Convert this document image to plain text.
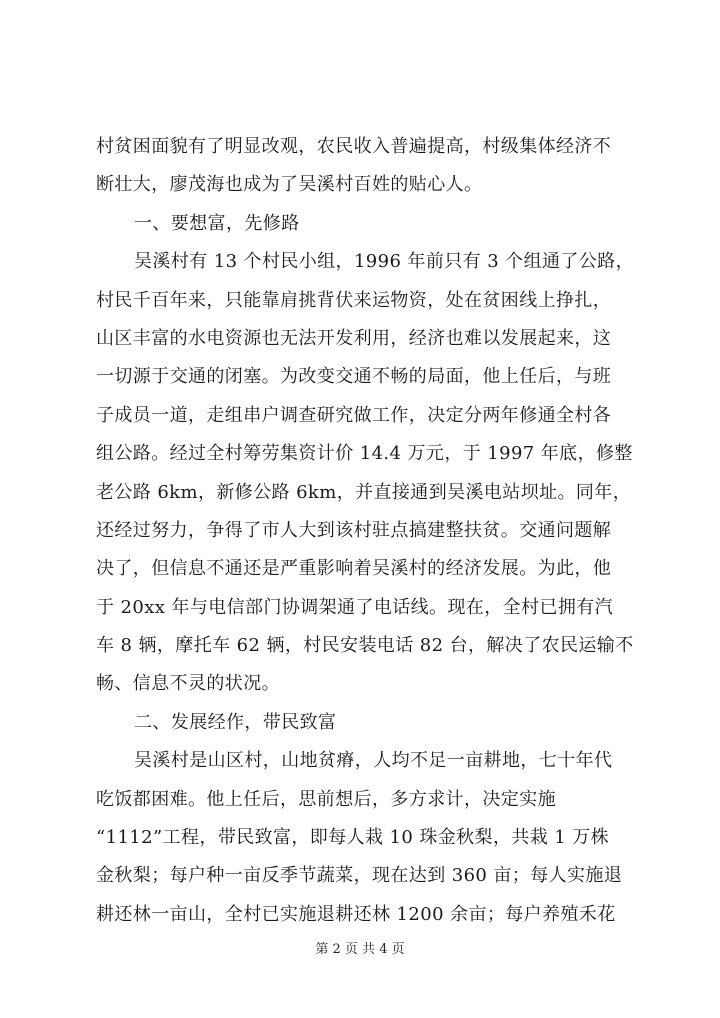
村贫困面貌有了明显改观，农民收入普遍提高，村级集体经济不
断壮大，廖茂海也成为了吴溪村百姓的贴心人。
一、要想富，先修路
吴溪村有 13 个村民小组，1996 年前只有 3 个组通了公路，
村民千百年来，只能靠肩挑背伏来运物资，处在贫困线上挣扎，
山区丰富的水电资源也无法开发利用，经济也难以发展起来，这
一切源于交通的闭塞。为改变交通不畅的局面，他上任后，与班
子成员一道，走组串户调查研究做工作，决定分两年修通全村各
组公路。经过全村筹劳集资计价 14.4 万元，于 1997 年底，修整
老公路 6km，新修公路 6km，并直接通到吴溪电站坝址。同年，
还经过努力，争得了市人大到该村驻点搞建整扶贫。交通问题解
决了，但信息不通还是严重影响着吴溪村的经济发展。为此，他
于 20xx 年与电信部门协调架通了电话线。现在，全村已拥有汽
车 8 辆，摩托车 62 辆，村民安装电话 82 台，解决了农民运输不
畅、信息不灵的状况。
二、发展经作，带民致富
吴溪村是山区村，山地贫瘠，人均不足一亩耕地，七十年代
吃饭都困难。他上任后，思前想后，多方求计，决定实施
“1112”工程，带民致富，即每人栽 10 珠金秋梨，共栽 1 万株
金秋梨；每户种一亩反季节蔬菜，现在达到 360 亩；每人实施退
耕还林一亩山，全村已实施退耕还林 1200 余亩；每户养殖禾花
第 2 页 共 4 页
